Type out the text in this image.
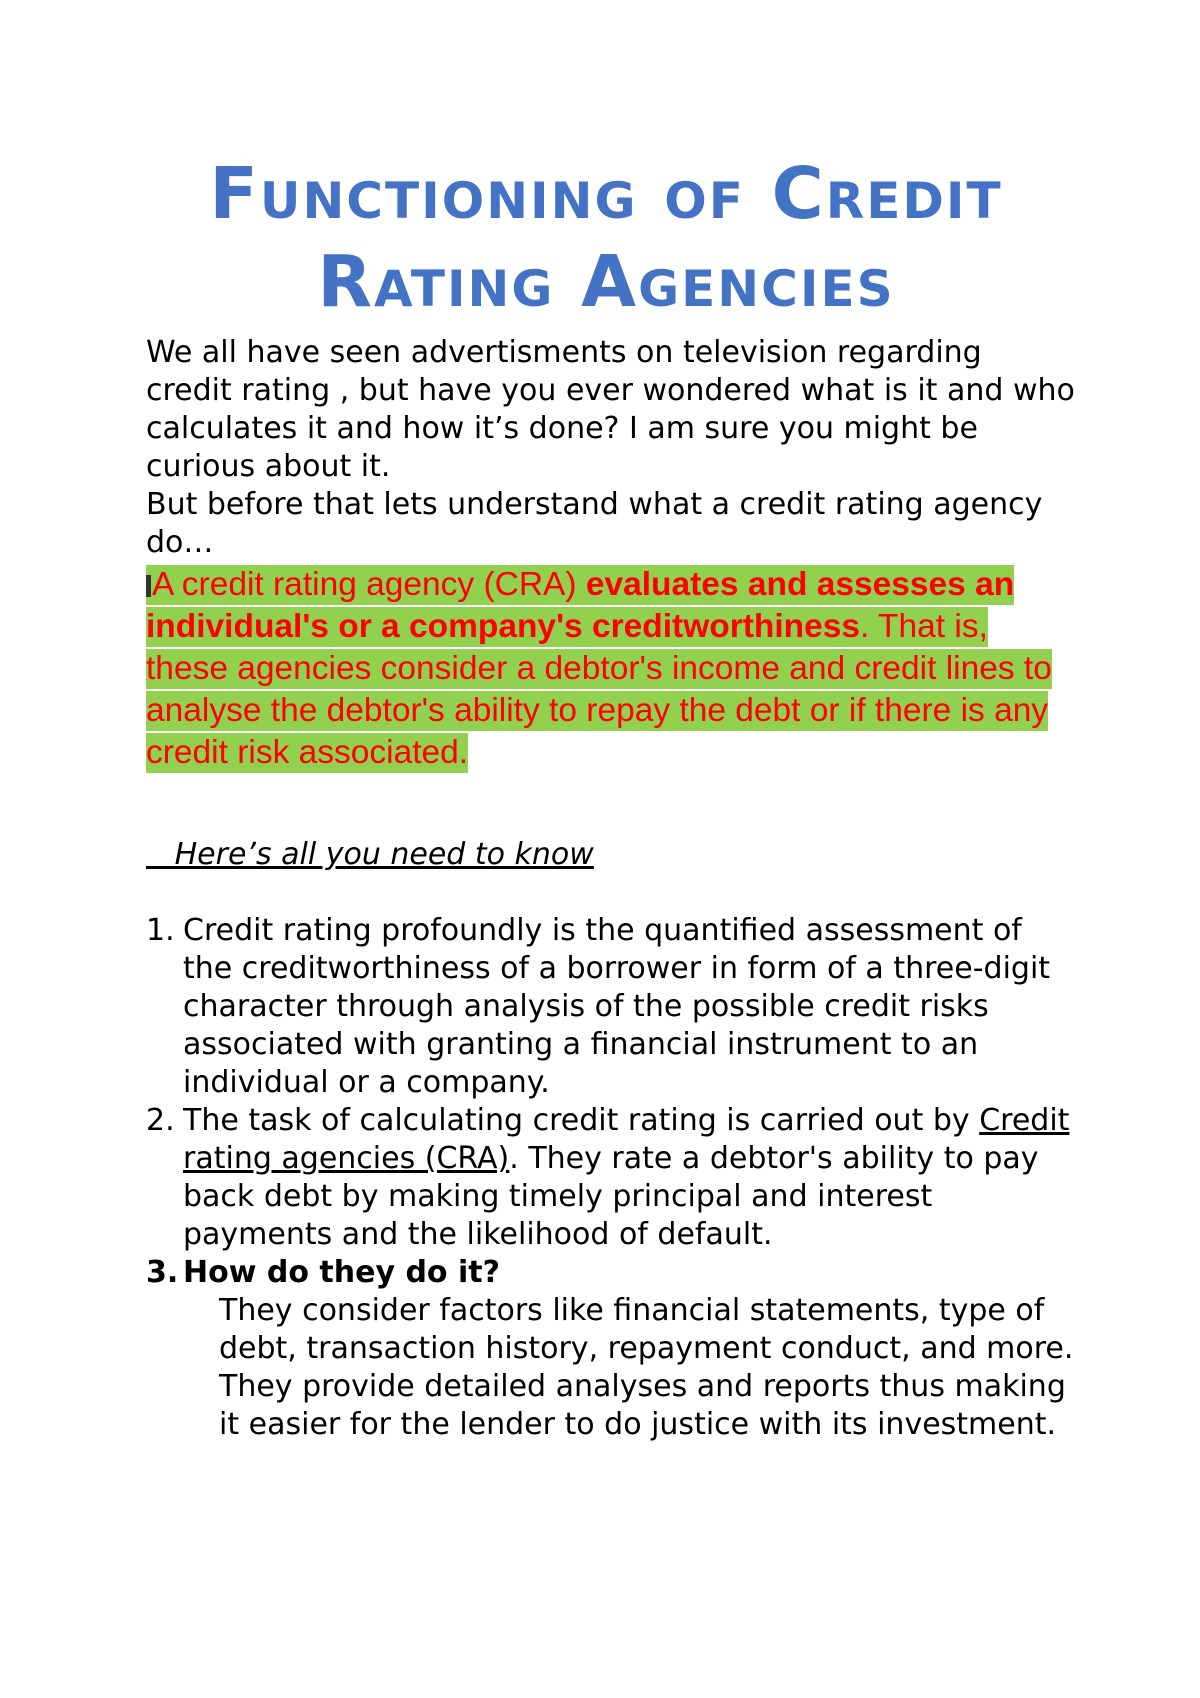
Functioning of Credit
Rating Agencies

We all have seen advertisments on television regarding credit rating , but have you ever wondered what is it and who calculates it and how it’s done? I am sure you might be curious about it.

But before that lets understand what a credit rating agency do…

A credit rating agency (CRA) evaluates and assesses an individual's or a company's creditworthiness. That is, these agencies consider a debtor's income and credit lines to analyse the debtor's ability to repay the debt or if there is any credit risk associated.
Here’s all you need to know
1. Credit rating profoundly is the quantified assessment of the creditworthiness of a borrower in form of a three-digit character through analysis of the possible credit risks associated with granting a financial instrument to an individual or a company.
2. The task of calculating credit rating is carried out by Credit rating agencies (CRA). They rate a debtor's ability to pay back debt by making timely principal and interest payments and the likelihood of default.
3. How do they do it?

They consider factors like financial statements, type of debt, transaction history, repayment conduct, and more.

They provide detailed analyses and reports thus making it easier for the lender to do justice with its investment.
